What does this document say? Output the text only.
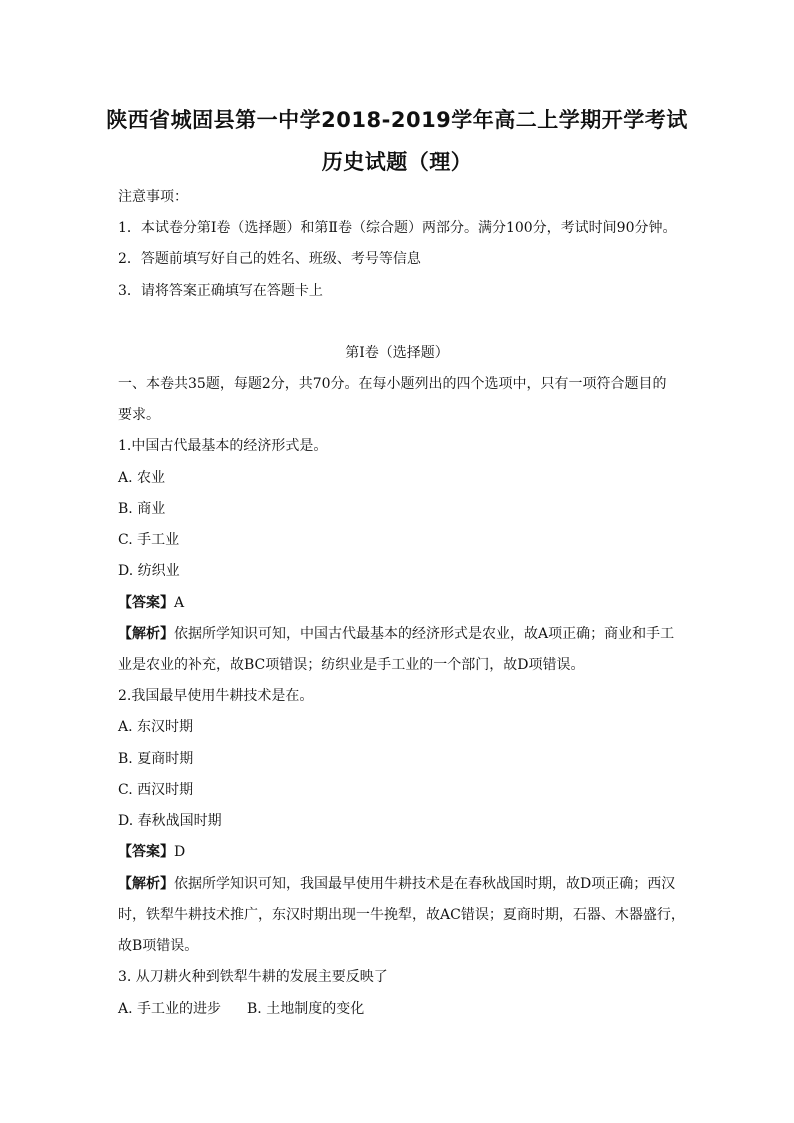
陕西省城固县第一中学2018-2019学年高二上学期开学考试
历史试题（理）
注意事项：
1．本试卷分第Ⅰ卷（选择题）和第Ⅱ卷（综合题）两部分。满分100分，考试时间90分钟。
2．答题前填写好自己的姓名、班级、考号等信息
3．请将答案正确填写在答题卡上
第Ⅰ卷（选择题）
一、本卷共35题，每题2分，共70分。在每小题列出的四个选项中，只有一项符合题目的
要求。
1.中国古代最基本的经济形式是。
A. 农业
B. 商业
C. 手工业
D. 纺织业
【答案】A
【解析】依据所学知识可知，中国古代最基本的经济形式是农业，故A项正确；商业和手工
业是农业的补充，故BC项错误；纺织业是手工业的一个部门，故D项错误。
2.我国最早使用牛耕技术是在。
A. 东汉时期
B. 夏商时期
C. 西汉时期
D. 春秋战国时期
【答案】D
【解析】依据所学知识可知，我国最早使用牛耕技术是在春秋战国时期，故D项正确；西汉
时，铁犁牛耕技术推广，东汉时期出现一牛挽犁，故AC错误；夏商时期，石器、木器盛行，
故B项错误。
3. 从刀耕火种到铁犁牛耕的发展主要反映了
A. 手工业的进步 B. 土地制度的变化
